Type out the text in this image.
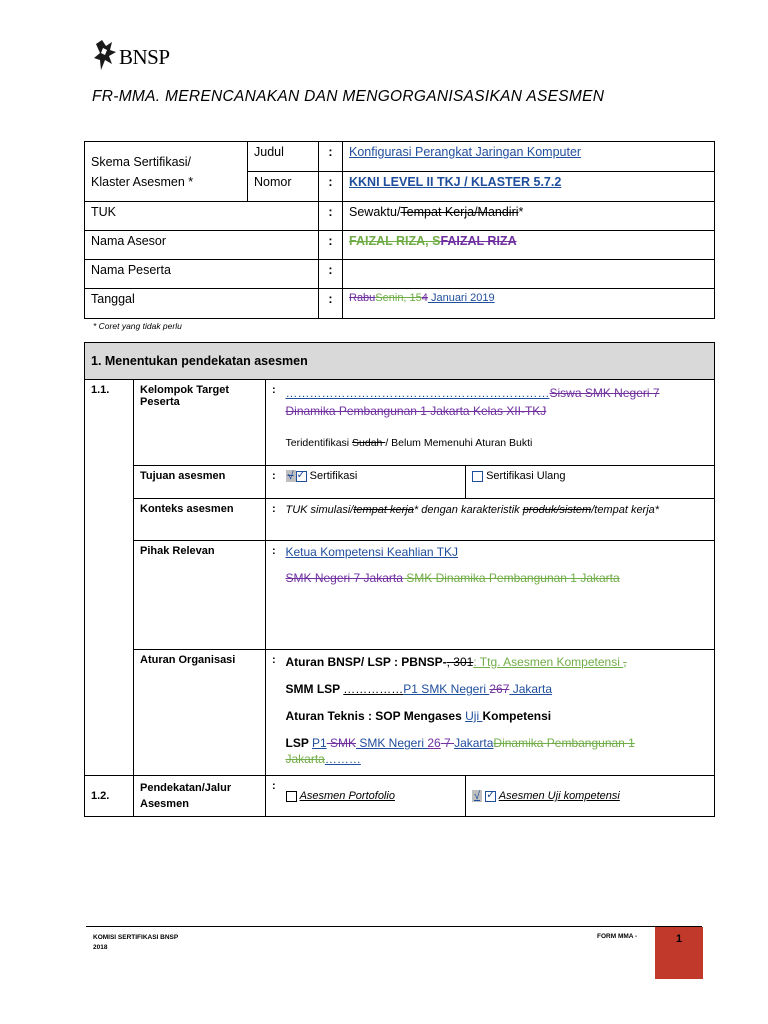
BNSP
FR-MMA. MERENCANAKAN DAN MENGORGANISASIKAN ASESMEN
Skema Sertifikasi/
Klaster Asesmen *	Judul	:	Konfigurasi Perangkat Jaringan Komputer
	Nomor	:	KKNI LEVEL II TKJ / KLASTER 5.7.2
TUK		:	Sewaktu/Tempat Kerja/Mandiri*
Nama Asesor		:	FAIZAL RIZA, SFAIZAL RIZA
Nama Peserta		:	
Tanggal		:	RabuSenin, 154 Januari 2019
* Coret yang tidak perlu
1. Menentukan pendekatan asesmen				
1.1.	Kelompok Target Peserta	:	…………………………………………………………Siswa SMK Negeri 7
Dinamika Pembangunan 1 Jakarta Kelas XII-TKJ
Teridentifikasi Sudah / Belum Memenuhi Aturan Bukti	

	Tujuan asesmen	:	√ ✓ Sertifikasi	Sertifikasi Ulang
	Konteks asesmen	:	TUK simulasi/tempat kerja* dengan karakteristik produk/sistem/tempat kerja*	
	Pihak Relevan	:	Ketua Kompetensi Keahlian TKJ
SMK Negeri 7 Jakarta SMK Dinamika Pembangunan 1 Jakarta	

	Aturan Organisasi	:	Aturan BNSP/ LSP : PBNSP-, 301: Ttg. Asesmen Kompetensi ,
SMM LSP ……………P1 SMK Negeri 267 Jakarta
Aturan Teknis : SOP Mengases Uji Kompetensi
LSP P1 SMK SMK Negeri 26 7 JakartaDinamika Pembangunan 1 Jakarta………	

1.2.	Pendekatan/Jalur Asesmen	:	Asesmen Portofolio	√ ✓ Asesmen Uji kompetensi
KOMISI SERTIFIKASI BNSP
2018
FORM MMA -	1
